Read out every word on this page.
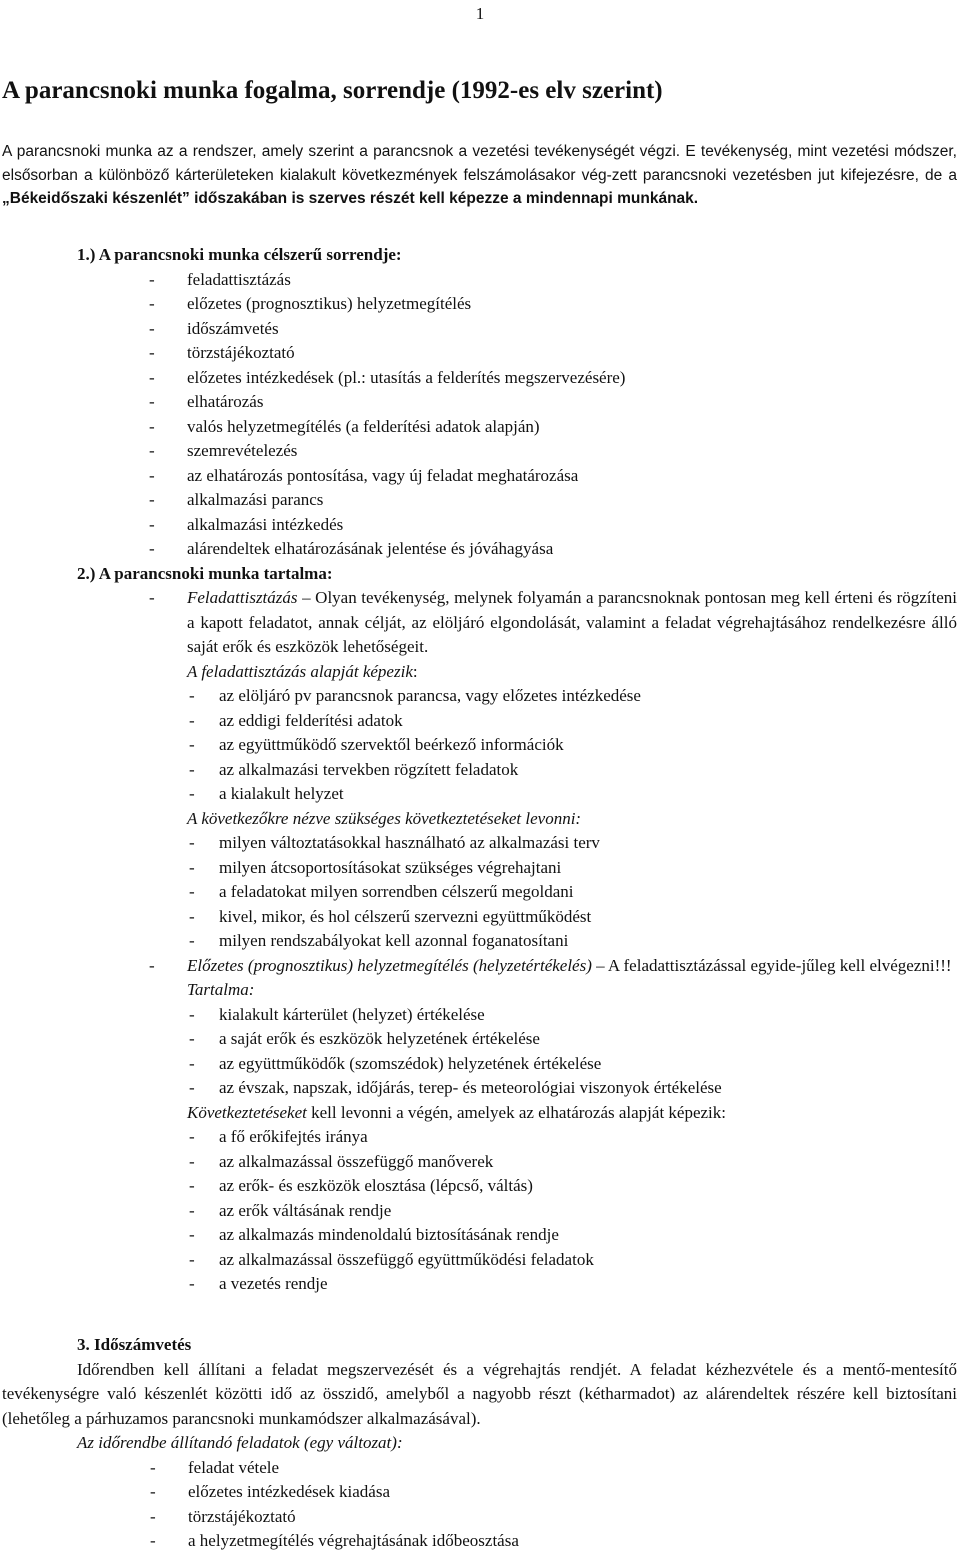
1
A parancsnoki munka fogalma, sorrendje (1992-es elv szerint)

A parancsnoki munka az a rendszer, amely szerint a parancsnok a vezetési tevékenységét végzi. E tevékenység, mint vezetési módszer, elsősorban a különböző kárterületeken kialakult következmények felszámolásakor vég-zett parancsnoki vezetésben jut kifejezésre, de a „Békeidőszaki készenlét” időszakában is szerves részét kell képezze a mindennapi munkának.

1.) A parancsnoki munka célszerű sorrendje:

- feladattisztázás
- előzetes (prognosztikus) helyzetmegítélés
- időszámvetés
- törzstájékoztató
- előzetes intézkedések (pl.: utasítás a felderítés megszervezésére)
- elhatározás
- valós helyzetmegítélés (a felderítési adatok alapján)
- szemrevételezés
- az elhatározás pontosítása, vagy új feladat meghatározása
- alkalmazási parancs
- alkalmazási intézkedés
- alárendeltek elhatározásának jelentése és jóváhagyása

2.) A parancsnoki munka tartalma:

- Feladattisztázás – Olyan tevékenység, melynek folyamán a parancsnoknak pontosan meg kell érteni és rögzíteni a kapott feladatot, annak célját, az elöljáró elgondolását, valamint a feladat végrehajtásához rendelkezésre álló saját erők és eszközök lehetőségeit.
A feladattisztázás alapját képezik:
- az elöljáró pv parancsnok parancsa, vagy előzetes intézkedése
- az eddigi felderítési adatok
- az együttműködő szervektől beérkező információk
- az alkalmazási tervekben rögzített feladatok
- a kialakult helyzet
A következőkre nézve szükséges következtetéseket levonni:
- milyen változtatásokkal használható az alkalmazási terv
- milyen átcsoportosításokat szükséges végrehajtani
- a feladatokat milyen sorrendben célszerű megoldani
- kivel, mikor, és hol célszerű szervezni együttműködést
- milyen rendszabályokat kell azonnal foganatosítani
- Előzetes (prognosztikus) helyzetmegítélés (helyzetértékelés) – A feladattisztázással egyide-jűleg kell elvégezni!!!
Tartalma:
- kialakult kárterület (helyzet) értékelése
- a saját erők és eszközök helyzetének értékelése
- az együttműködők (szomszédok) helyzetének értékelése
- az évszak, napszak, időjárás, terep- és meteorológiai viszonyok értékelése
Következtetéseket kell levonni a végén, amelyek az elhatározás alapját képezik:
- a fő erőkifejtés iránya
- az alkalmazással összefüggő manőverek
- az erők- és eszközök elosztása (lépcső, váltás)
- az erők váltásának rendje
- az alkalmazás mindenoldalú biztosításának rendje
- az alkalmazással összefüggő együttműködési feladatok
- a vezetés rendje

3. Időszámvetés

Időrendben kell állítani a feladat megszervezését és a végrehajtás rendjét. A feladat kézhezvétele és a mentő-mentesítő tevékenységre való készenlét közötti idő az összidő, amelyből a nagyobb részt (kétharmadot) az alárendeltek részére kell biztosítani (lehetőleg a párhuzamos parancsnoki munkamódszer alkalmazásával).

Az időrendbe állítandó feladatok (egy változat):
- feladat vétele
- előzetes intézkedések kiadása
- törzstájékoztató
- a helyzetmegítélés végrehajtásának időbeosztása
